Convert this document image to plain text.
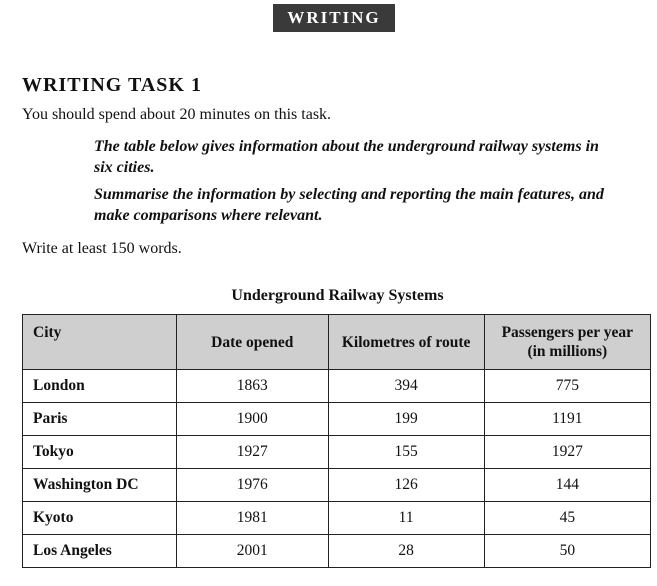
WRITING
WRITING TASK 1
You should spend about 20 minutes on this task.
The table below gives information about the underground railway systems in six cities.
Summarise the information by selecting and reporting the main features, and make comparisons where relevant.
Write at least 150 words.
Underground Railway Systems
City	Date opened	Kilometres of route	Passengers per year
(in millions)
London	1863	394	775
Paris	1900	199	1191
Tokyo	1927	155	1927
Washington DC	1976	126	144
Kyoto	1981	11	45
Los Angeles	2001	28	50
